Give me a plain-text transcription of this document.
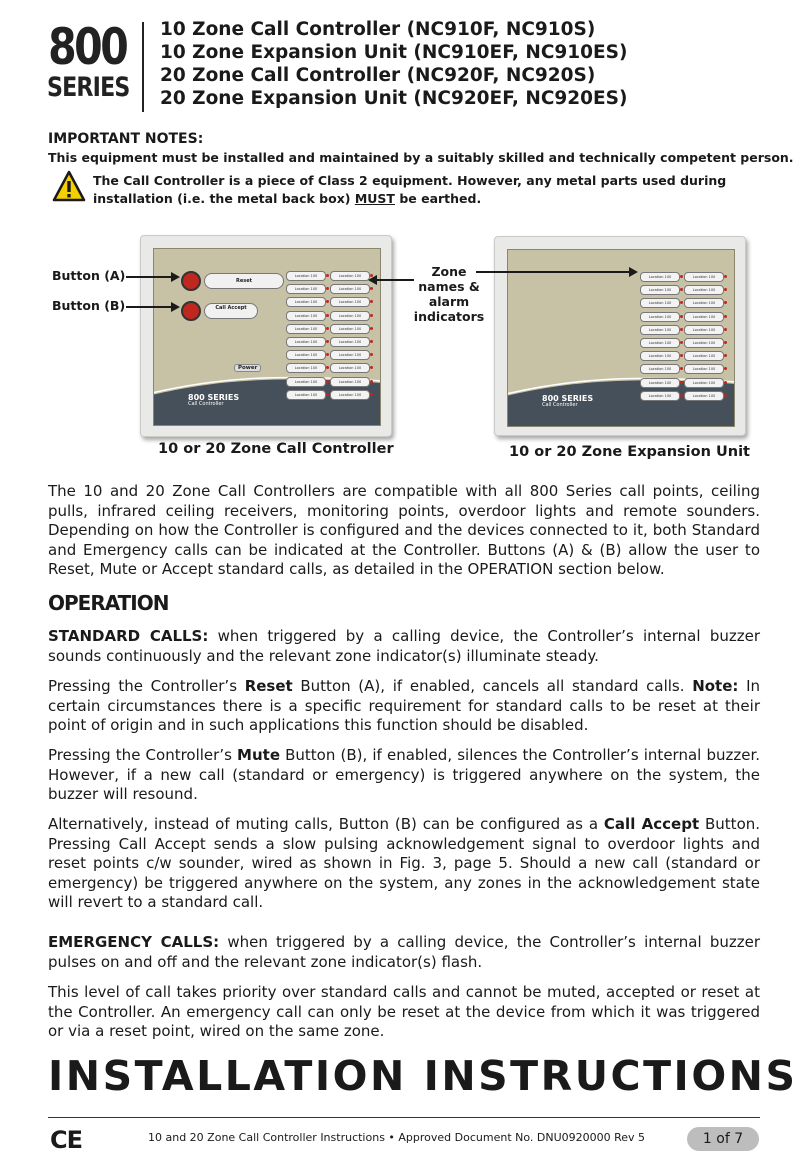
800
SERIES
10 Zone Call Controller (NC910F, NC910S)
10 Zone Expansion Unit (NC910EF, NC910ES)
20 Zone Call Controller (NC920F, NC920S)
20 Zone Expansion Unit (NC920EF, NC920ES)
IMPORTANT NOTES:
This equipment must be installed and maintained by a suitably skilled and technically competent person.
The Call Controller is a piece of Class 2 equipment. However, any metal parts used during installation (i.e. the metal back box) MUST be earthed.
Reset
Call Accept
Power
800 SERIES
Call Controller
Location 100	Location 100
Location 100	Location 100
Location 100	Location 100
Location 100	Location 100
Location 100	Location 100
Location 100	Location 100
Location 100	Location 100
Location 100	Location 100
Location 100	Location 100
Location 100	Location 100	800 SERIES
Call Controller
Location 100	Location 100
Location 100	Location 100
Location 100	Location 100
Location 100	Location 100
Location 100	Location 100
Location 100	Location 100
Location 100	Location 100
Location 100	Location 100
Location 100	Location 100
Location 100	Location 100
Button (A)
Button (B)
Zone names & alarm indicators
10 or 20 Zone Call Controller	10 or 20 Zone Expansion Unit
The 10 and 20 Zone Call Controllers are compatible with all 800 Series call points, ceiling pulls, infrared ceiling receivers, monitoring points, overdoor lights and remote sounders. Depending on how the Controller is configured and the devices connected to it, both Standard and Emergency calls can be indicated at the Controller. Buttons (A) & (B) allow the user to Reset, Mute or Accept standard calls, as detailed in the OPERATION section below.
OPERATION
STANDARD CALLS: when triggered by a calling device, the Controller’s internal buzzer sounds continuously and the relevant zone indicator(s) illuminate steady.
Pressing the Controller’s Reset Button (A), if enabled, cancels all standard calls. Note: In certain circumstances there is a specific requirement for standard calls to be reset at their point of origin and in such applications this function should be disabled.
Pressing the Controller’s Mute Button (B), if enabled, silences the Controller’s internal buzzer. However, if a new call (standard or emergency) is triggered anywhere on the system, the buzzer will resound.
Alternatively, instead of muting calls, Button (B) can be configured as a Call Accept Button. Pressing Call Accept sends a slow pulsing acknowledgement signal to overdoor lights and reset points c/w sounder, wired as shown in Fig. 3, page 5. Should a new call (standard or emergency) be triggered anywhere on the system, any zones in the acknowledgement state will revert to a standard call.
EMERGENCY CALLS: when triggered by a calling device, the Controller’s internal buzzer pulses on and off and the relevant zone indicator(s) flash.
This level of call takes priority over standard calls and cannot be muted, accepted or reset at the Controller. An emergency call can only be reset at the device from which it was triggered or via a reset point, wired on the same zone.
INSTALLATION INSTRUCTIONS
CE	10 and 20 Zone Call Controller Instructions • Approved Document No. DNU0920000 Rev 5	1 of 7
